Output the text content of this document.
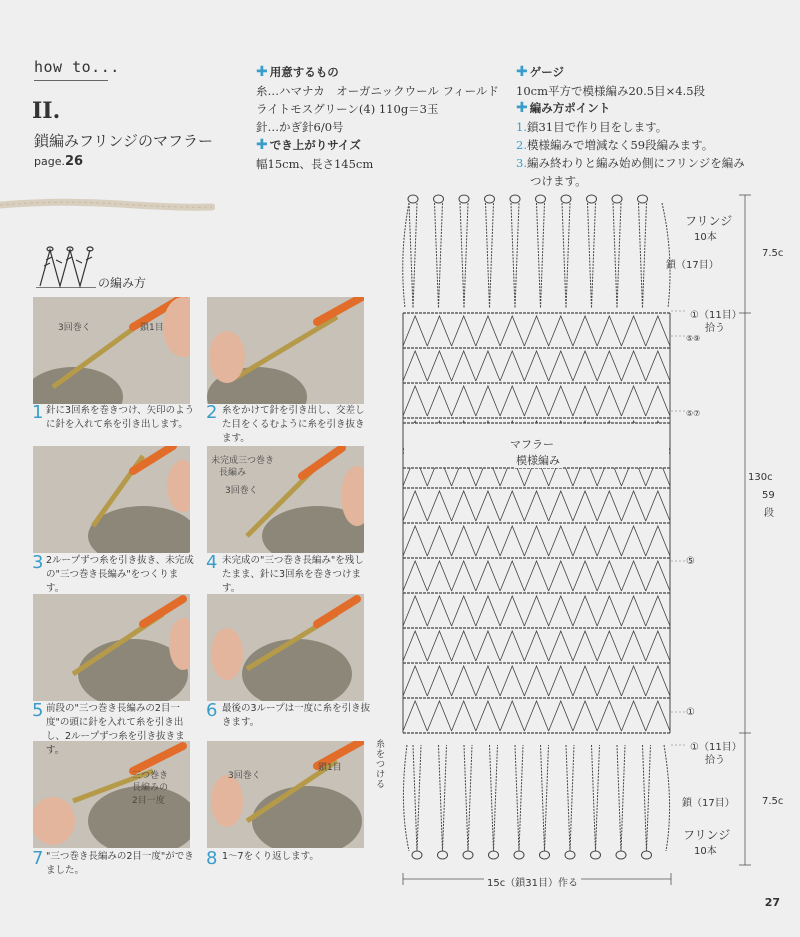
how to...
II.
鎖編みフリンジのマフラー
page.26
✚ 用意するもの
糸…ハマナカ　オーガニックウール フィールド
ライトモスグリーン(4) 110g＝3玉
針…かぎ針6/0号
✚ でき上がりサイズ
幅15cm、長さ145cm
✚ ゲージ
10cm平方で模様編み20.5目×4.5段
✚ 編み方ポイント
1.鎖31目で作り目をします。
2.模様編みで増減なく59段編みます。
3.編み終わりと編み始め側にフリンジを編み
つけます。
の編み方
3回巻く	鎖1目
未完成三つ巻き
長編み
3回巻く
三つ巻き
長編みの
2目一度
3回巻く
鎖1目
1 針に3回糸を巻きつけ、矢印のように針を入れて糸を引き出します。
2 糸をかけて針を引き出し、交差した目をくるむように糸を引き抜きます。
3 2ループずつ糸を引き抜き、未完成の"三つ巻き長編み"をつくります。
4 未完成の"三つ巻き長編み"を残したまま、針に3回糸を巻きつけます。
5 前段の"三つ巻き長編みの2目一度"の頭に針を入れて糸を引き出し、2ループずつ糸を引き抜きます。
6 最後の3ループは一度に糸を引き抜きます。
7 "三つ巻き長編みの2目一度"ができました。
8 1〜7をくり返します。
フリンジ
10本
鎖（17目）
7.5c
①（11目）
拾う
⑤⑨
⑤⑦
マフラー
模様編み
130c
59
段
⑤
①
糸をつける
①（11目）
拾う
鎖（17目）	7.5c
フリンジ
10本
15c（鎖31目）作る
27
